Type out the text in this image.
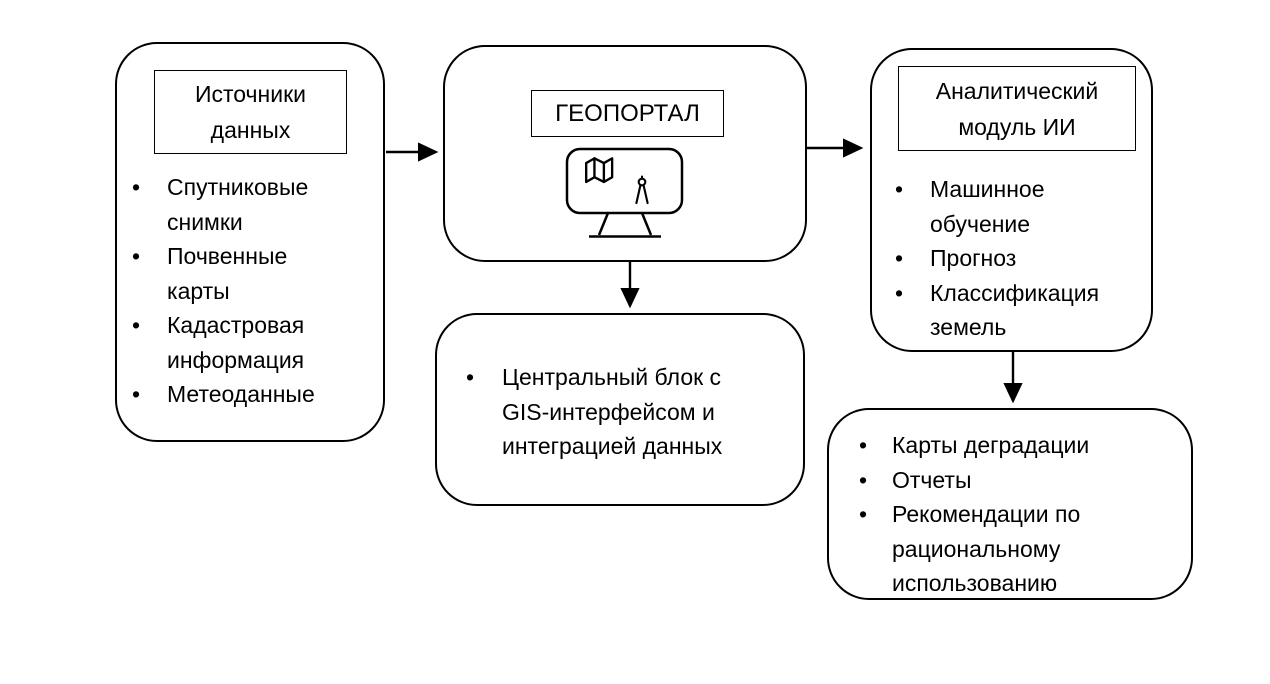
Источники данных
• Спутниковые снимки
• Почвенные карты
• Кадастровая информация
• Метеоданные
ГЕОПОРТАЛ
• Центральный блок с GIS-интерфейсом и интеграцией данных
Аналитический модуль ИИ
• Машинное обучение
• Прогноз
• Классификация земель
• Карты деградации
• Отчеты
• Рекомендации по рациональному использованию
